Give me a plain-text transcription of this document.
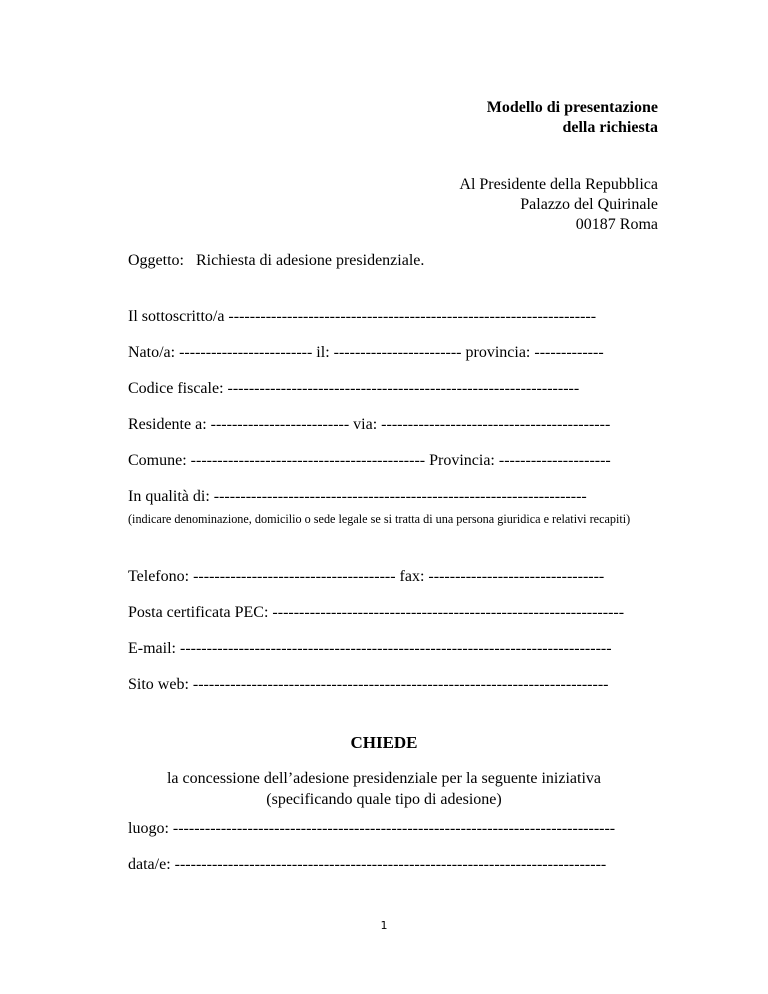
Modello di presentazione
della richiesta
Al Presidente della Repubblica
Palazzo del Quirinale
00187 Roma
Oggetto: Richiesta di adesione presidenziale.
Il sottoscritto/a ---------------------------------------------------------------------
Nato/a: ------------------------- il: ------------------------ provincia: -------------
Codice fiscale: ------------------------------------------------------------------
Residente a: -------------------------- via: -------------------------------------------
Comune: -------------------------------------------- Provincia: ---------------------
In qualità di: ----------------------------------------------------------------------
(indicare denominazione, domicilio o sede legale se si tratta di una persona giuridica e relativi recapiti)
Telefono: -------------------------------------- fax: ---------------------------------
Posta certificata PEC: ------------------------------------------------------------------
E-mail: ---------------------------------------------------------------------------------
Sito web: ------------------------------------------------------------------------------
CHIEDE
la concessione dell’adesione presidenziale per la seguente iniziativa
(specificando quale tipo di adesione)
luogo: -----------------------------------------------------------------------------------
data/e: ---------------------------------------------------------------------------------
1
